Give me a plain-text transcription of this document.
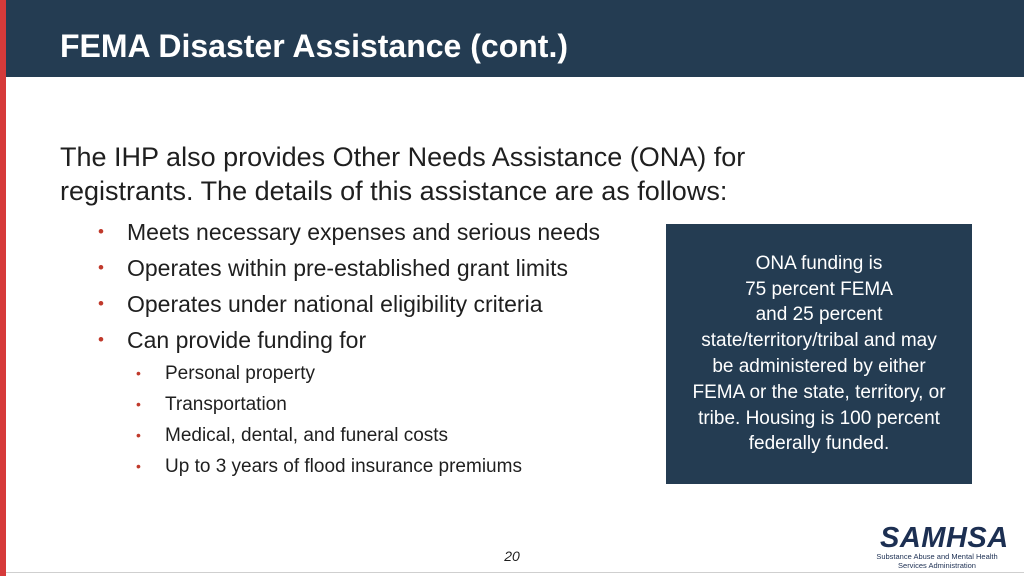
FEMA Disaster Assistance (cont.)

The IHP also provides Other Needs Assistance (ONA) for registrants. The details of this assistance are as follows:

• Meets necessary expenses and serious needs
• Operates within pre-established grant limits
• Operates under national eligibility criteria
• Can provide funding for
• Personal property
• Transportation
• Medical, dental, and funeral costs
• Up to 3 years of flood insurance premiums

ONA funding is
75 percent FEMA
and 25 percent
state/territory/tribal and may
be administered by either
FEMA or the state, territory, or
tribe. Housing is 100 percent
federally funded.

20
SAMHSA
Substance Abuse and Mental Health
Services Administration
